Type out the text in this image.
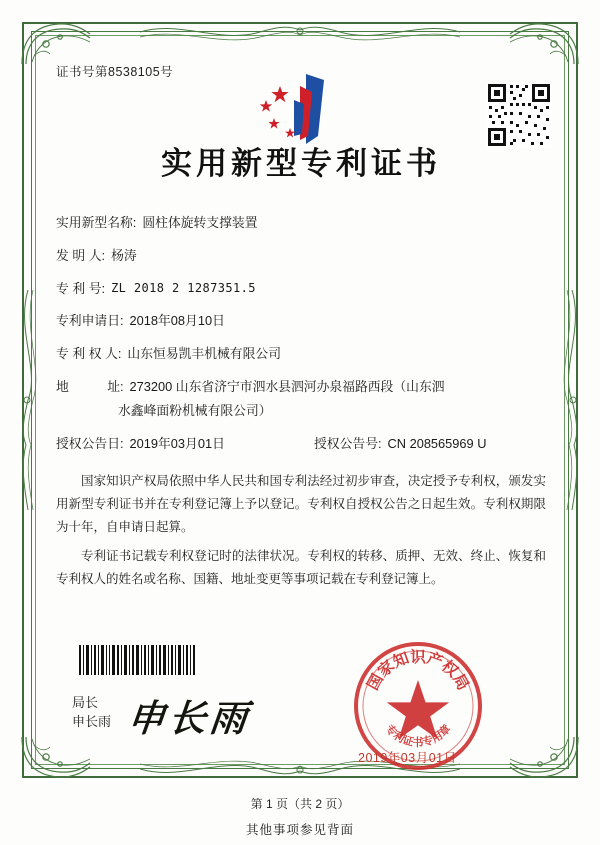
证书号第8538105号
实用新型专利证书
实用新型名称: 圆柱体旋转支撑装置
发 明 人: 杨涛
专 利 号: ZL 2018 2 1287351.5
专利申请日: 2018年08月10日
专 利 权 人: 山东恒易凯丰机械有限公司
地　　　址: 273200 山东省济宁市泗水县泗河办泉福路西段（山东泗
水鑫峰面粉机械有限公司）
授权公告日: 2019年03月01日	授权公告号: CN 208565969 U

国家知识产权局依照中华人民共和国专利法经过初步审查，决定授予专利权，颁发实用新型专利证书并在专利登记簿上予以登记。专利权自授权公告之日起生效。专利权期限为十年，自申请日起算。

专利证书记载专利权登记时的法律状况。专利权的转移、质押、无效、终止、恢复和专利权人的姓名或名称、国籍、地址变更等事项记载在专利登记簿上。

局长
申长雨 申长雨
国家知识产权局
专利证书专用章
2019年03月01日
第 1 页（共 2 页）
其他事项参见背面
